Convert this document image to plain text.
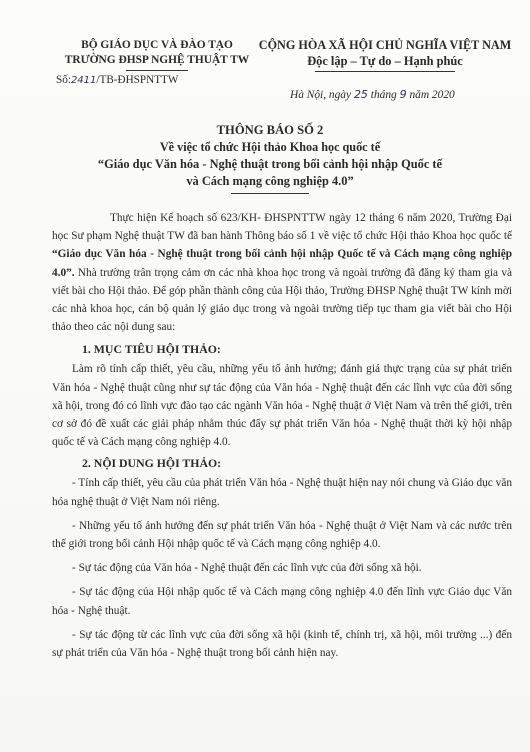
BỘ GIÁO DỤC VÀ ĐÀO TẠO
TRƯỜNG ĐHSP NGHỆ THUẬT TW
Số:2411/TB-ĐHSPNTTW
CỘNG HÒA XÃ HỘI CHỦ NGHĨA VIỆT NAM
Độc lập – Tự do – Hạnh phúc
Hà Nội, ngày 25 tháng 9 năm 2020
THÔNG BÁO SỐ 2
Về việc tổ chức Hội thảo Khoa học quốc tế
“Giáo dục Văn hóa - Nghệ thuật trong bối cảnh hội nhập Quốc tế
và Cách mạng công nghiệp 4.0”

Thực hiện Kế hoạch số 623/KH- ĐHSPNTTW ngày 12 tháng 6 năm 2020, Trường Đại học Sư phạm Nghệ thuật TW đã ban hành Thông báo số 1 về việc tổ chức Hội thảo Khoa học quốc tế “Giáo dục Văn hóa - Nghệ thuật trong bối cảnh hội nhập Quốc tế và Cách mạng công nghiệp 4.0”. Nhà trường trân trọng cảm ơn các nhà khoa học trong và ngoài trường đã đăng ký tham gia và viết bài cho Hội thảo. Để góp phần thành công của Hội thảo, Trường ĐHSP Nghệ thuật TW kính mời các nhà khoa học, cán bộ quản lý giáo dục trong và ngoài trường tiếp tục tham gia viết bài cho Hội thảo theo các nội dung sau:

1. MỤC TIÊU HỘI THẢO:

Làm rõ tính cấp thiết, yêu cầu, những yếu tố ảnh hưởng; đánh giá thực trạng của sự phát triển Văn hóa - Nghệ thuật cũng như sự tác động của Văn hóa - Nghệ thuật đến các lĩnh vực của đời sống xã hội, trong đó có lĩnh vực đào tạo các ngành Văn hóa - Nghệ thuật ở Việt Nam và trên thế giới, trên cơ sở đó đề xuất các giải pháp nhằm thúc đẩy sự phát triển Văn hóa - Nghệ thuật thời kỳ hội nhập quốc tế và Cách mạng công nghiệp 4.0.

2. NỘI DUNG HỘI THẢO:

- Tính cấp thiết, yêu cầu của phát triển Văn hóa - Nghệ thuật hiện nay nói chung và Giáo dục văn hóa nghệ thuật ở Việt Nam nói riêng.

- Những yếu tố ảnh hưởng đến sự phát triển Văn hóa - Nghệ thuật ở Việt Nam và các nước trên thế giới trong bối cảnh Hội nhập quốc tế và Cách mạng công nghiệp 4.0.

- Sự tác động của Văn hóa - Nghệ thuật đến các lĩnh vực của đời sống xã hội.

- Sự tác động của Hội nhập quốc tế và Cách mạng công nghiệp 4.0 đến lĩnh vực Giáo dục Văn hóa - Nghệ thuật.

- Sự tác động từ các lĩnh vực của đời sống xã hội (kinh tế, chính trị, xã hội, môi trường ...) đến sự phát triển của Văn hóa - Nghệ thuật trong bối cảnh hiện nay.
